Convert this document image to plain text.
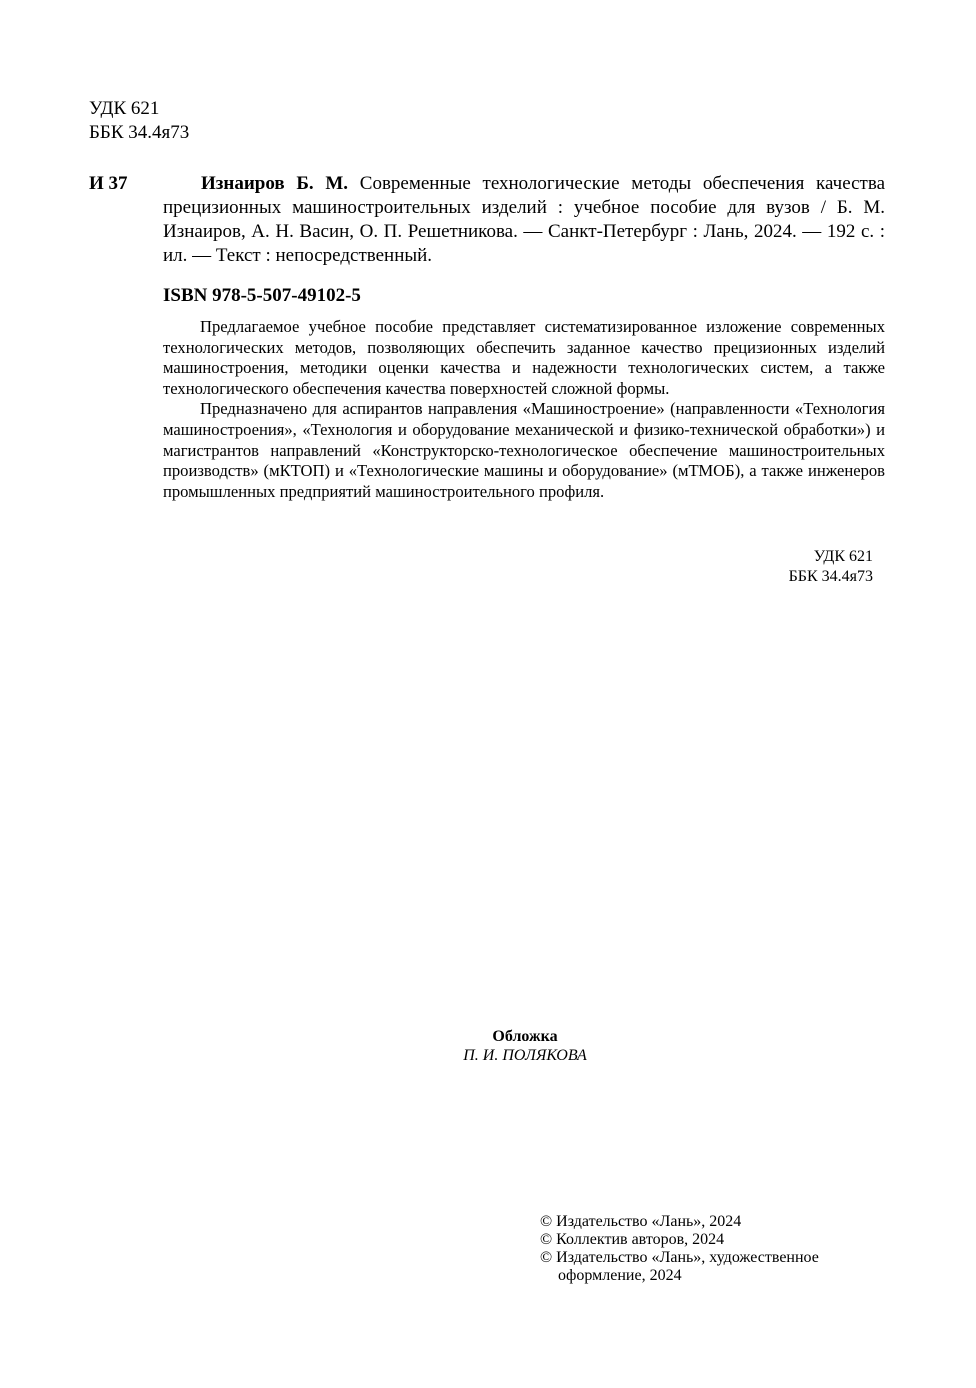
УДК 621
ББК 34.4я73
И 37	Изнаиров Б. М. Современные технологические методы обеспечения качества прецизионных машиностроительных изделий : учебное пособие для вузов / Б. М. Изнаиров, А. Н. Васин, О. П. Решетникова. — Санкт-Петербург : Лань, 2024. — 192 с. : ил. — Текст : непосредственный.
ISBN 978-5-507-49102-5

Предлагаемое учебное пособие представляет систематизированное изложение современных технологических методов, позволяющих обеспечить заданное качество прецизионных изделий машиностроения, методики оценки качества и надежности технологических систем, а также технологического обеспечения качества поверхностей сложной формы.

Предназначено для аспирантов направления «Машиностроение» (направленности «Технология машиностроения», «Технология и оборудование механической и физико-технической обработки») и магистрантов направлений «Конструкторско-технологическое обеспечение машиностроительных производств» (мКТОП) и «Технологические машины и оборудование» (мТМОБ), а также инженеров промышленных предприятий машиностроительного профиля.

УДК 621
ББК 34.4я73
Обложка
П. И. ПОЛЯКОВА
© Издательство «Лань», 2024
© Коллектив авторов, 2024
© Издательство «Лань», художественное
оформление, 2024
